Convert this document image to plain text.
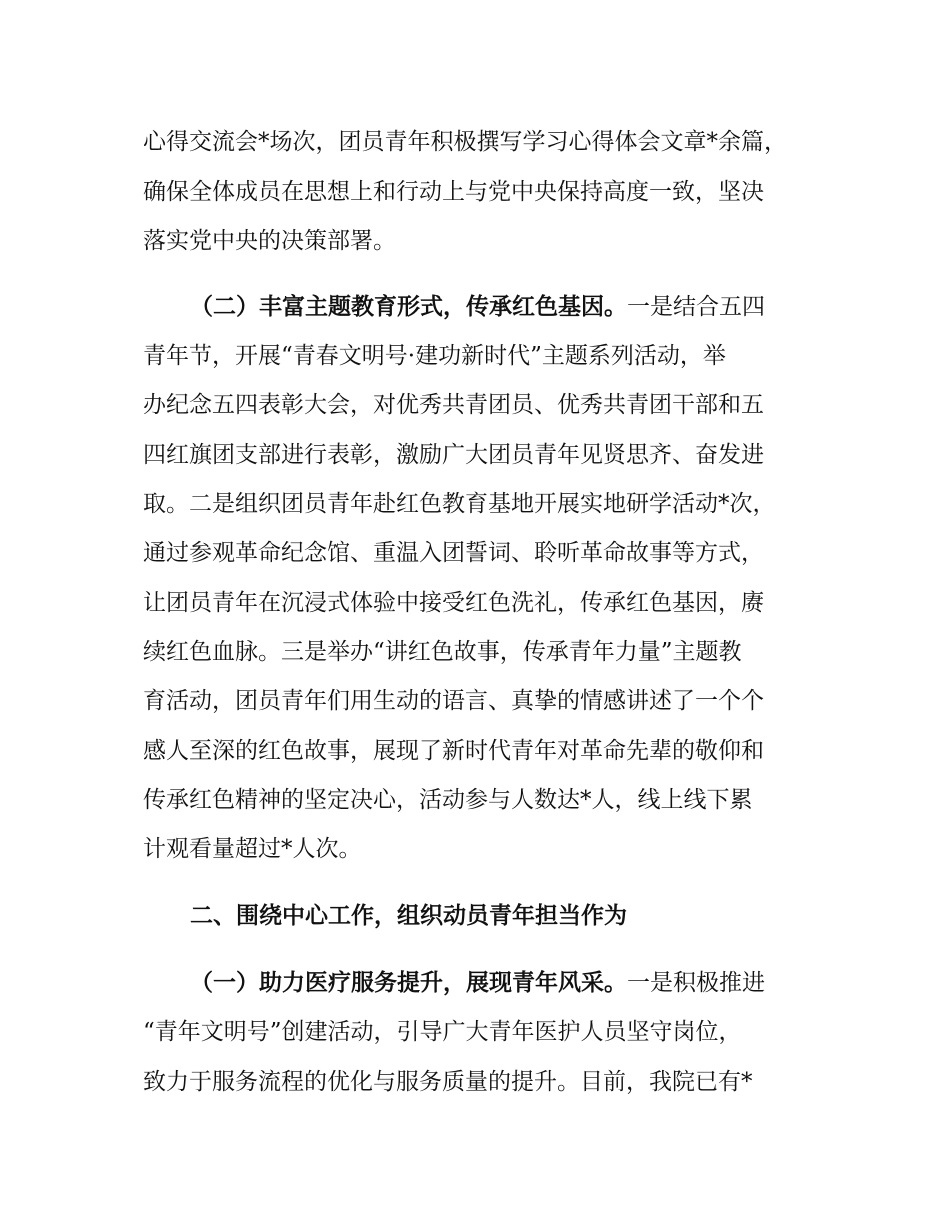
心得交流会*场次，团员青年积极撰写学习心得体会文章*余篇，
确保全体成员在思想上和行动上与党中央保持高度一致，坚决
落实党中央的决策部署。
（二）丰富主题教育形式，传承红色基因。一是结合五四
青年节，开展“青春文明号·建功新时代”主题系列活动，举
办纪念五四表彰大会，对优秀共青团员、优秀共青团干部和五
四红旗团支部进行表彰，激励广大团员青年见贤思齐、奋发进
取。二是组织团员青年赴红色教育基地开展实地研学活动*次，
通过参观革命纪念馆、重温入团誓词、聆听革命故事等方式，
让团员青年在沉浸式体验中接受红色洗礼，传承红色基因，赓
续红色血脉。三是举办“讲红色故事，传承青年力量”主题教
育活动，团员青年们用生动的语言、真挚的情感讲述了一个个
感人至深的红色故事，展现了新时代青年对革命先辈的敬仰和
传承红色精神的坚定决心，活动参与人数达*人，线上线下累
计观看量超过*人次。
二、围绕中心工作，组织动员青年担当作为
（一）助力医疗服务提升，展现青年风采。一是积极推进
“青年文明号”创建活动，引导广大青年医护人员坚守岗位，
致力于服务流程的优化与服务质量的提升。目前，我院已有*
